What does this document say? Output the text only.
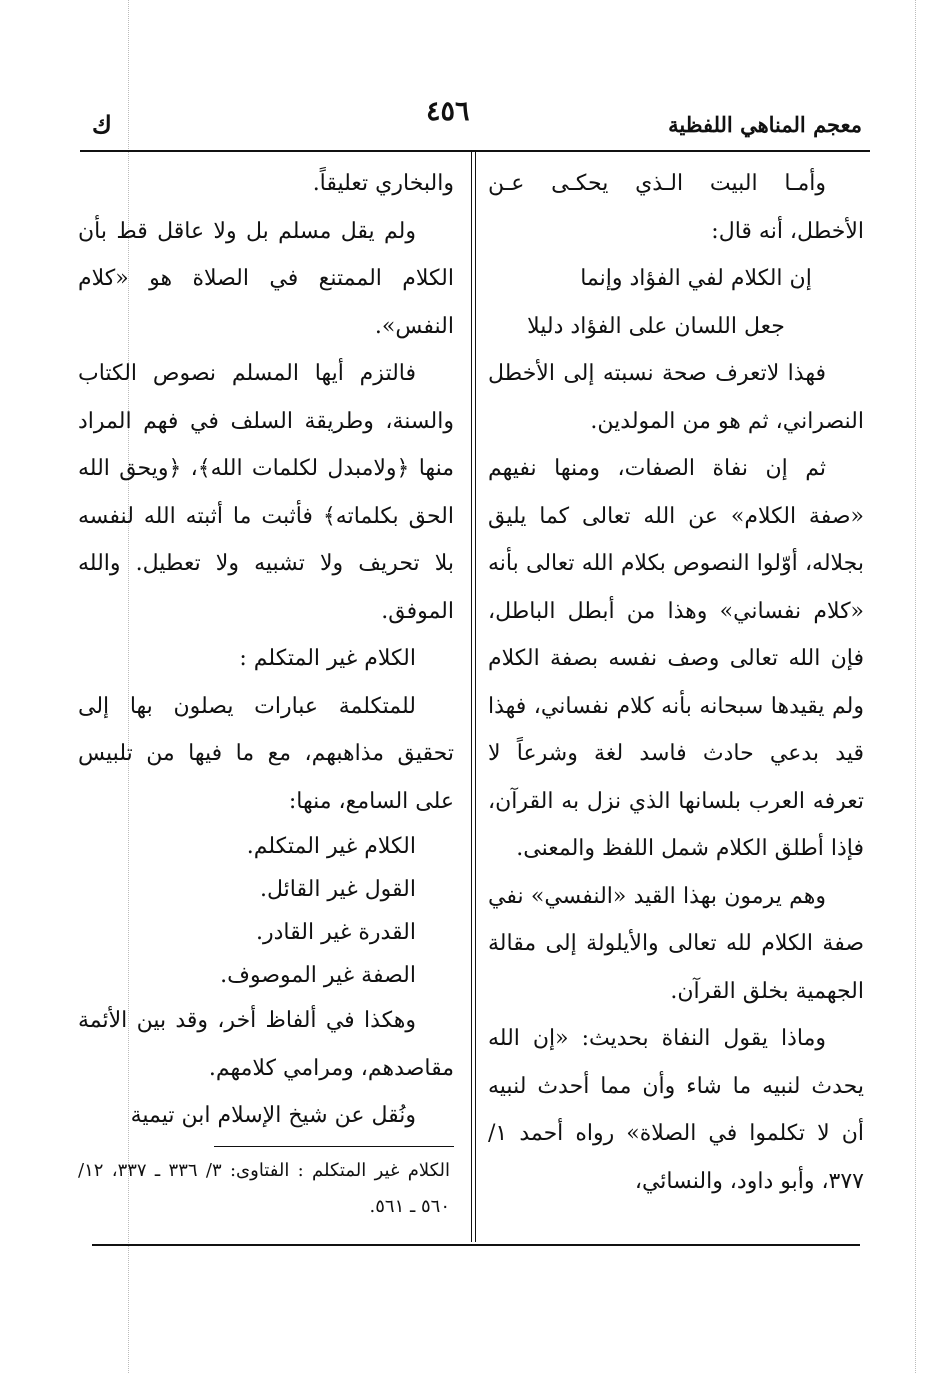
معجم المناهي اللفظية
٤٥٦
ك

وأمـا البيت الـذي يحكـى عـن الأخطل، أنه قال:

إن الكلام لفي الفؤاد وإنما

جعل اللسان على الفؤاد دليلا

فهذا لاتعرف صحة نسبته إلى الأخطل النصراني، ثم هو من المولدين.

ثم إن نفاة الصفات، ومنها نفيهم «صفة الكلام» عن الله تعالى كما يليق بجلاله، أوّلوا النصوص بكلام الله تعالى بأنه «كلام نفساني» وهذا من أبطل الباطل، فإن الله تعالى وصف نفسه بصفة الكلام ولم يقيدها سبحانه بأنه كلام نفساني، فهذا قيد بدعي حادث فاسد لغة وشرعاً لا تعرفه العرب بلسانها الذي نزل به القرآن، فإذا أطلق الكلام شمل اللفظ والمعنى.

وهم يرمون بهذا القيد «النفسي» نفي صفة الكلام لله تعالى والأيلولة إلى مقالة الجهمية بخلق القرآن.

وماذا يقول النفاة بحديث: «إن الله يحدث لنبيه ما شاء وأن مما أحدث لنبيه أن لا تكلموا في الصلاة» رواه أحمد ١/ ٣٧٧، وأبو داود، والنسائي،

والبخاري تعليقاً.

ولم يقل مسلم بل ولا عاقل قط بأن الكلام الممتنع في الصلاة هو «كلام النفس».

فالتزم أيها المسلم نصوص الكتاب والسنة، وطريقة السلف في فهم المراد منها ﴿ولامبدل لكلمات الله﴾، ﴿ويحق الله الحق بكلماته﴾ فأثبت ما أثبته الله لنفسه بلا تحريف ولا تشبيه ولا تعطيل. والله الموفق.

الكلام غير المتكلم :

للمتكلمة عبارات يصلون بها إلى تحقيق مذاهبهم، مع ما فيها من تلبيس على السامع، منها:

الكلام غير المتكلم.

القول غير القائل.

القدرة غير القادر.

الصفة غير الموصوف.

وهكذا في ألفاظ أخر، وقد بين الأئمة مقاصدهم، ومرامي كلامهم.

ونُقل عن شيخ الإسلام ابن تيمية

الكلام غير المتكلم : الفتاوى: ٣/ ٣٣٦ ـ ٣٣٧، ١٢/ ٥٦٠ ـ ٥٦١.
